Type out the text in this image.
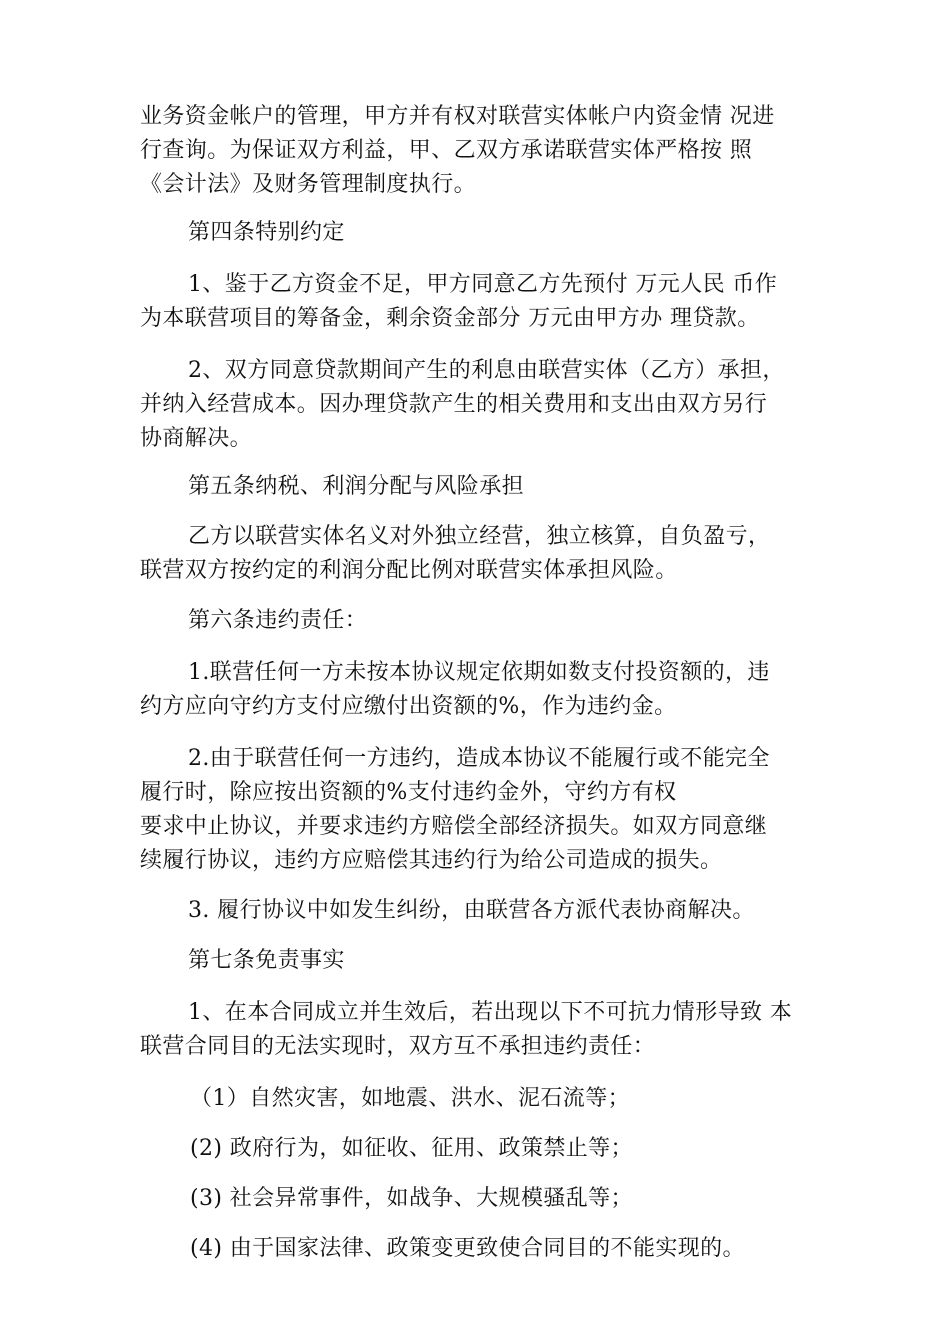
业务资金帐户的管理，甲方并有权对联营实体帐户内资金情 况进
行查询。为保证双方利益，甲、乙双方承诺联营实体严格按 照
《会计法》及财务管理制度执行。
第四条特别约定
1、鉴于乙方资金不足，甲方同意乙方先预付 万元人民 币作
为本联营项目的筹备金，剩余资金部分 万元由甲方办 理贷款。
2、双方同意贷款期间产生的利息由联营实体（乙方）承担，
并纳入经营成本。因办理贷款产生的相关费用和支出由双方另行
协商解决。
第五条纳税、利润分配与风险承担
乙方以联营实体名义对外独立经营，独立核算，自负盈亏，
联营双方按约定的利润分配比例对联营实体承担风险。
第六条违约责任：
1.联营任何一方未按本协议规定依期如数支付投资额的，违
约方应向守约方支付应缴付出资额的%，作为违约金。
2.由于联营任何一方违约，造成本协议不能履行或不能完全
履行时，除应按出资额的%支付违约金外，守约方有权
要求中止协议，并要求违约方赔偿全部经济损失。如双方同意继
续履行协议，违约方应赔偿其违约行为给公司造成的损失。
3. 履行协议中如发生纠纷，由联营各方派代表协商解决。
第七条免责事实
1、在本合同成立并生效后，若出现以下不可抗力情形导致 本
联营合同目的无法实现时，双方互不承担违约责任：
（1）自然灾害，如地震、洪水、泥石流等；
(2) 政府行为，如征收、征用、政策禁止等；
(3) 社会异常事件，如战争、大规模骚乱等；
(4) 由于国家法律、政策变更致使合同目的不能实现的。
